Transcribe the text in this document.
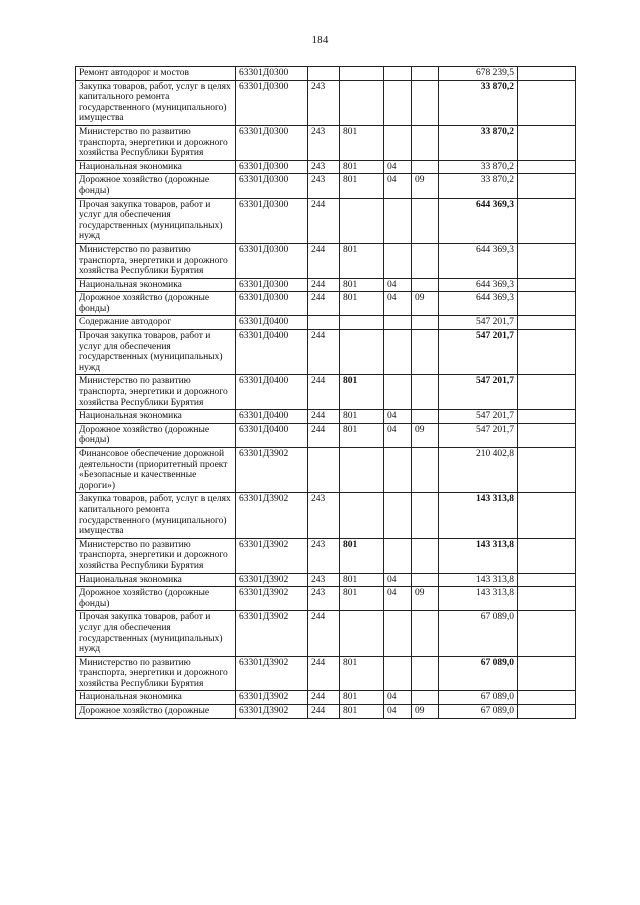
184
Ремонт автодорог и мостов	63301Д0300					678 239,5	
Закупка товаров, работ, услуг в целях капитального ремонта государственного (муниципального) имущества	63301Д0300	243				33 870,2	
Министерство по развитию транспорта, энергетики и дорожного хозяйства Республики Бурятия	63301Д0300	243	801			33 870,2	
Национальная экономика	63301Д0300	243	801	04		33 870,2	
Дорожное хозяйство (дорожные фонды)	63301Д0300	243	801	04	09	33 870,2	
Прочая закупка товаров, работ и услуг для обеспечения государственных (муниципальных) нужд	63301Д0300	244				644 369,3	
Министерство по развитию транспорта, энергетики и дорожного хозяйства Республики Бурятия	63301Д0300	244	801			644 369,3	
Национальная экономика	63301Д0300	244	801	04		644 369,3	
Дорожное хозяйство (дорожные фонды)	63301Д0300	244	801	04	09	644 369,3	
Содержание автодорог	63301Д0400					547 201,7	
Прочая закупка товаров, работ и услуг для обеспечения государственных (муниципальных) нужд	63301Д0400	244				547 201,7	
Министерство по развитию транспорта, энергетики и дорожного хозяйства Республики Бурятия	63301Д0400	244	801			547 201,7	
Национальная экономика	63301Д0400	244	801	04		547 201,7	
Дорожное хозяйство (дорожные фонды)	63301Д0400	244	801	04	09	547 201,7	
Финансовое обеспечение дорожной деятельности (приоритетный проект «Безопасные и качественные дороги»)	63301Д3902					210 402,8	
Закупка товаров, работ, услуг в целях капитального ремонта государственного (муниципального) имущества	63301Д3902	243				143 313,8	
Министерство по развитию транспорта, энергетики и дорожного хозяйства Республики Бурятия	63301Д3902	243	801			143 313,8	
Национальная экономика	63301Д3902	243	801	04		143 313,8	
Дорожное хозяйство (дорожные фонды)	63301Д3902	243	801	04	09	143 313,8	
Прочая закупка товаров, работ и услуг для обеспечения государственных (муниципальных) нужд	63301Д3902	244				67 089,0	
Министерство по развитию транспорта, энергетики и дорожного хозяйства Республики Бурятия	63301Д3902	244	801			67 089,0	
Национальная экономика	63301Д3902	244	801	04		67 089,0	
Дорожное хозяйство (дорожные	63301Д3902	244	801	04	09	67 089,0	
